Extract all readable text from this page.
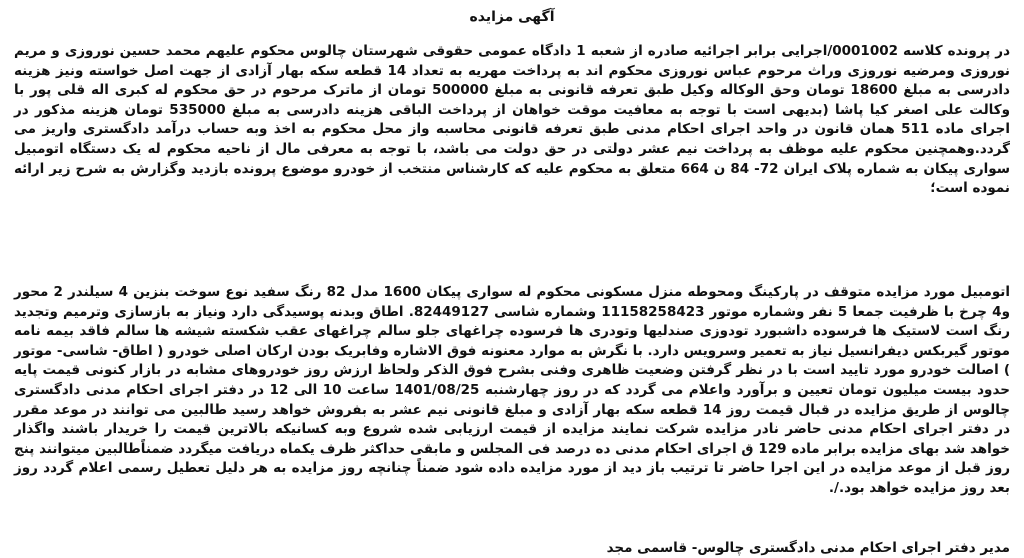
آگهی مزایده

در پرونده کلاسه 0001002/اجرایی برابر اجرائیه صادره از شعبه 1 دادگاه عمومی حقوقی شهرستان چالوس محکوم علیهم محمد حسین نوروزی و مریم نوروزی ومرضیه نوروزی وراث مرحوم عباس نوروزی محکوم اند به پرداخت مهریه به تعداد 14 قطعه سکه بهار آزادی از جهت اصل خواسته ونیز هزینه دادرسی به مبلغ 18600 تومان وحق الوکاله وکیل طبق تعرفه قانونی به مبلغ 500000 تومان از ماترک مرحوم در حق محکوم له کبری اله قلی پور با وکالت علی اصغر کیا پاشا (بدیهی است با توجه به معافیت موقت خواهان از پرداخت الباقی هزینه دادرسی به مبلغ 535000 تومان هزینه مذکور در اجرای ماده 511 همان قانون در واحد اجرای احکام مدنی طبق تعرفه قانونی محاسبه واز محل محکوم به اخذ وبه حساب درآمد دادگستری واریز می گردد.وهمچنین محکوم علیه موظف به پرداخت نیم عشر دولتی در حق دولت می باشد، با توجه به معرفی مال از ناحیه محکوم له یک دستگاه اتومبیل سواری پیکان به شماره پلاک ایران 72- 84 ن 664 متعلق به محکوم علیه که کارشناس منتخب از خودرو موضوع پرونده بازدید وگزارش به شرح زیر ارائه نموده است؛

اتومبیل مورد مزایده متوقف در پارکینگ ومحوطه منزل مسکونی محکوم له سواری پیکان 1600 مدل 82 رنگ سفید نوع سوخت بنزین 4 سیلندر 2 محور و4 چرخ با ظرفیت جمعا 5 نفر وشماره موتور 11158258423 وشماره شاسی 82449127. اطاق وبدنه پوسیدگی دارد ونیاز به بازسازی وترمیم وتجدید رنگ است لاستیک ها فرسوده داشبورد تودوزی صندلیها وتودری ها فرسوده چراغهای جلو سالم چراغهای عقب شکسته شیشه ها سالم فاقد بیمه نامه موتور گیربکس دیفرانسیل نیاز به تعمیر وسرویس دارد. با نگرش به موارد معنونه فوق الاشاره وفابریک بودن ارکان اصلی خودرو ( اطاق- شاسی- موتور ) اصالت خودرو مورد تایید است با در نظر گرفتن وضعیت ظاهری وفنی بشرح فوق الذکر ولحاظ ارزش روز خودروهای مشابه در بازار کنونی قیمت پایه حدود بیست میلیون تومان تعیین و برآورد واعلام می گردد که در روز چهارشنبه 1401/08/25 ساعت 10 الی 12 در دفتر اجرای احکام مدنی دادگستری چالوس از طریق مزایده در قبال قیمت روز 14 قطعه سکه بهار آزادی و مبلغ قانونی نیم عشر به بفروش خواهد رسید طالبین می توانند در موعد مقرر در دفتر اجرای احکام مدنی حاضر نادر مزایده شرکت نمایند مزایده از قیمت ارزیابی شده شروع وبه کسانیکه بالاترین قیمت را خریدار باشند واگذار خواهد شد بهای مزایده برابر ماده 129 ق اجرای احکام مدنی ده درصد فی المجلس و مابقی حداکثر ظرف یکماه دریافت میگردد ضمناًطالبین میتوانند پنج روز قبل از موعد مزایده در این اجرا حاضر تا ترتیب باز دید از مورد مزایده داده شود ضمناً چنانچه روز مزایده به هر دلیل تعطیل رسمی اعلام گردد روز بعد روز مزایده خواهد بود./.

مدیر دفتر اجرای احکام مدنی دادگستری چالوس- قاسمی مجد
